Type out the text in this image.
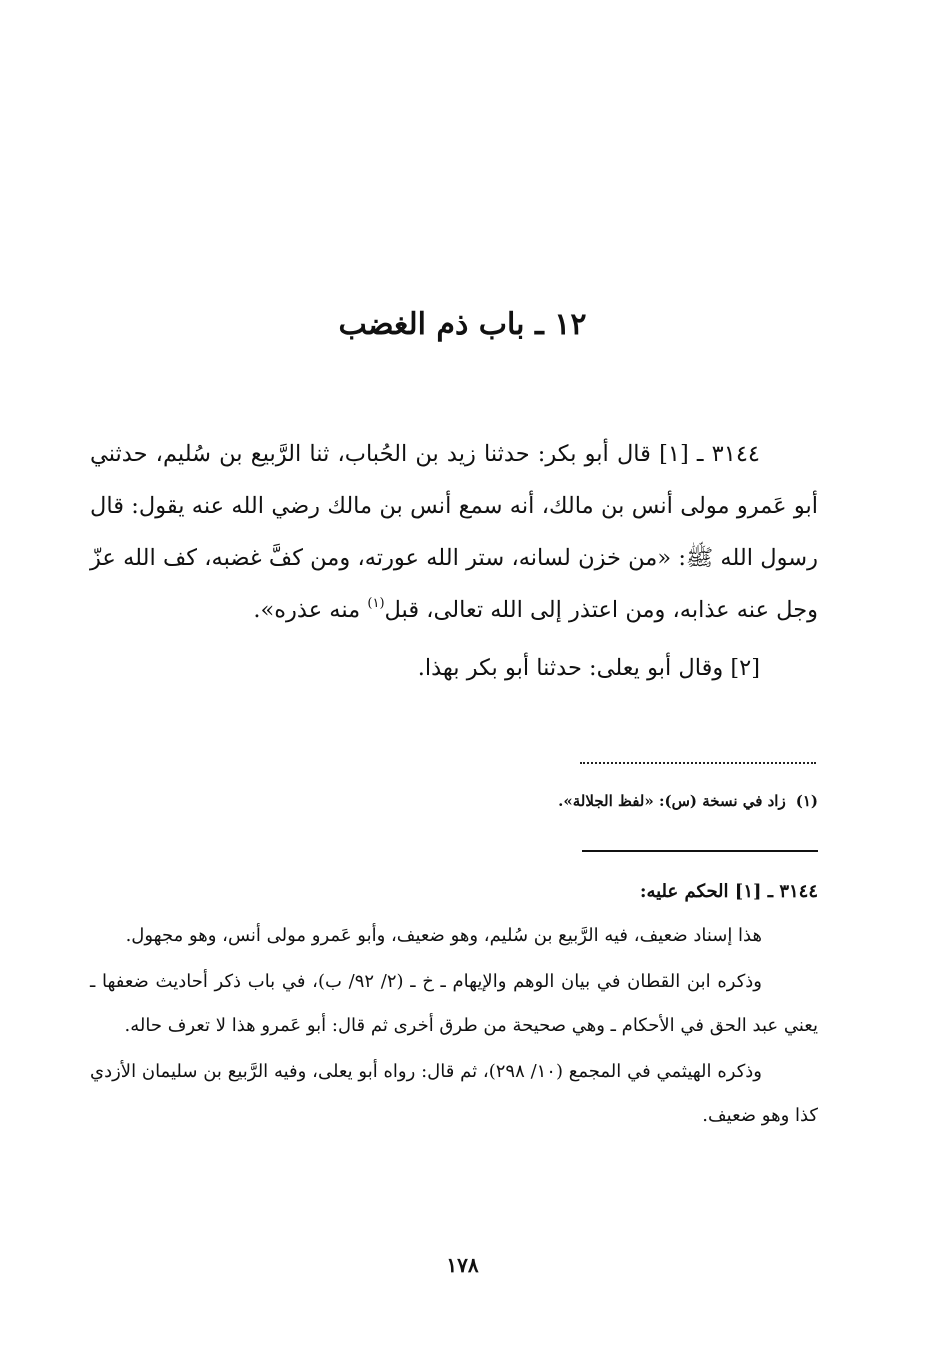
١٢ ـ باب ذم الغضب

٣١٤٤ ـ [١] قال أبو بكر: حدثنا زيد بن الحُباب، ثنا الرَّبيع بن سُليم، حدثني أبو عَمرو مولى أنس بن مالك، أنه سمع أنس بن مالك رضي الله عنه يقول: قال رسول الله ﷺ: «من خزن لسانه، ستر الله عورته، ومن كفَّ غضبه، كف الله عزّ وجل عنه عذابه، ومن اعتذر إلى الله تعالى، قبل$^{(١)}$ منه عذره».

[٢] وقال أبو يعلى: حدثنا أبو بكر بهذا.

(١)زاد في نسخة (س): «لفظ الجلالة».

٣١٤٤ ـ [١] الحكم عليه:

هذا إسناد ضعيف، فيه الرَّبيع بن سُليم، وهو ضعيف، وأبو عَمرو مولى أنس، وهو مجهول.

وذكره ابن القطان في بيان الوهم والإيهام ـ خ ـ (٢/ ٩٢/ ب)، في باب ذكر أحاديث ضعفها ـ يعني عبد الحق في الأحكام ـ وهي صحيحة من طرق أخرى ثم قال: أبو عَمرو هذا لا تعرف حاله.

وذكره الهيثمي في المجمع (١٠/ ٢٩٨)، ثم قال: رواه أبو يعلى، وفيه الرَّبيع بن سليمان الأزدي كذا وهو ضعيف.

١٧٨
